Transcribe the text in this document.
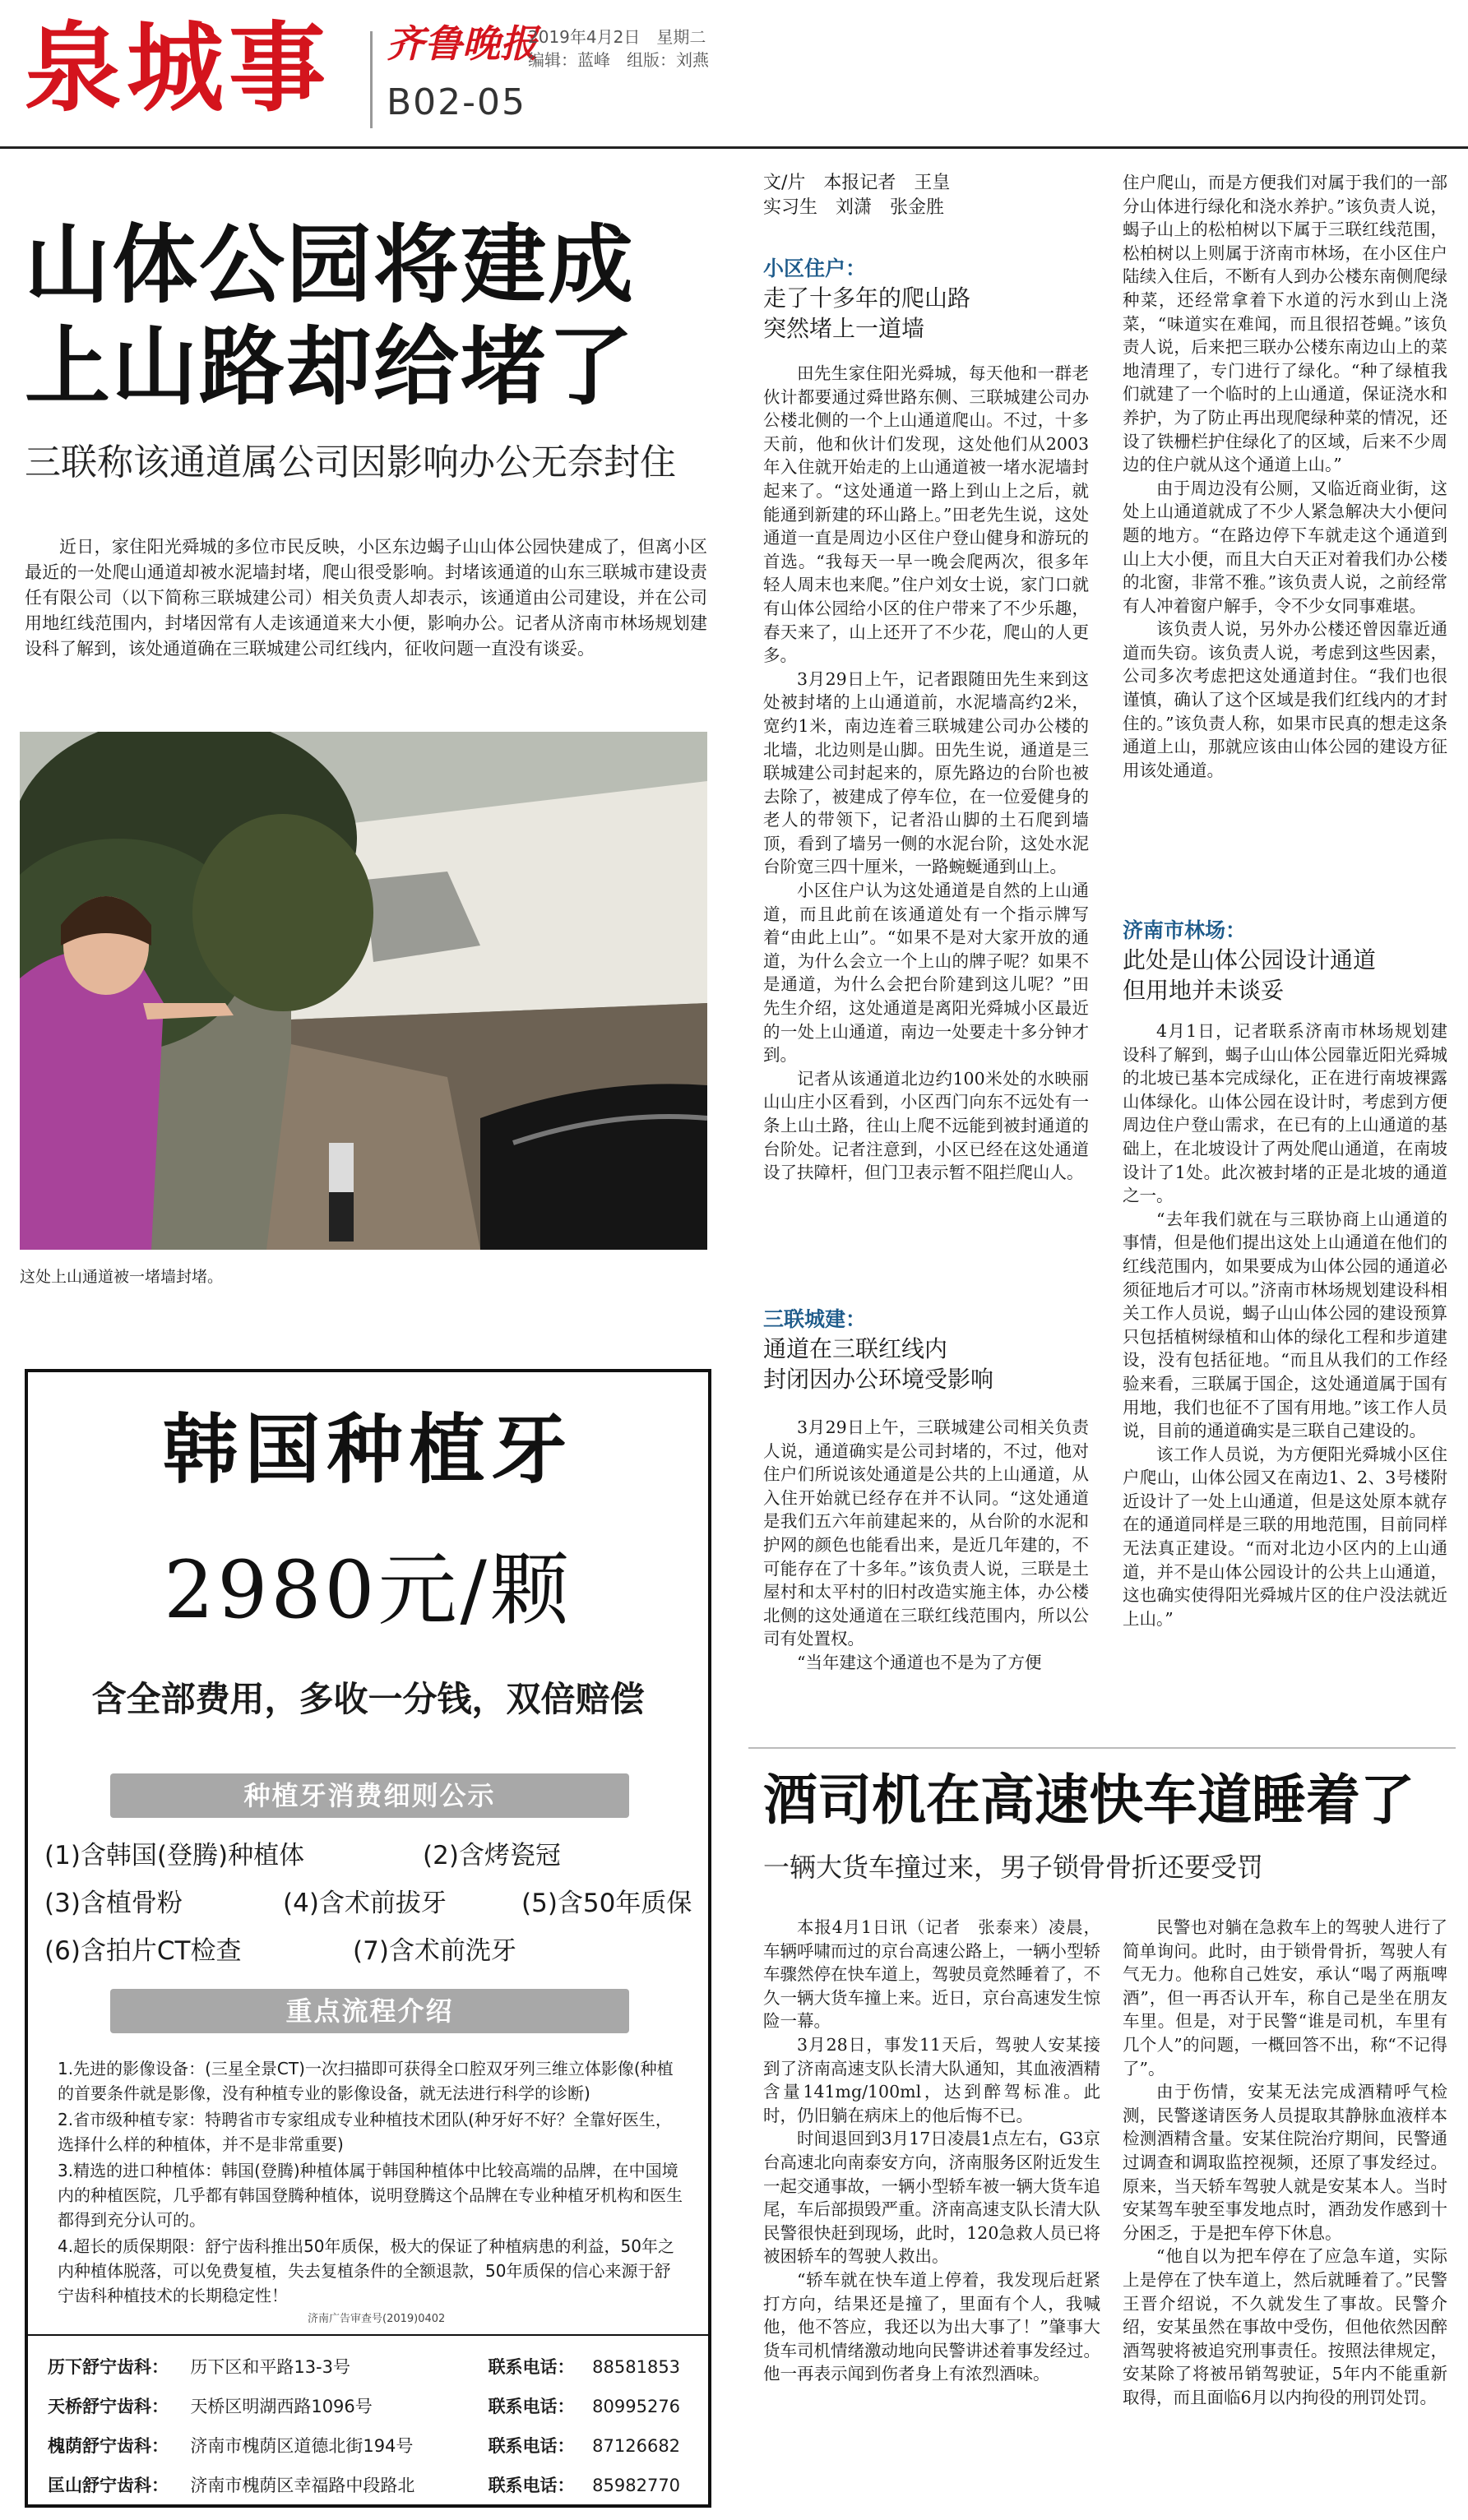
泉城事 齐鲁晚报
2019年4月2日　星期二
编辑：蓝峰　组版：刘燕
B02-05
山体公园将建成
上山路却给堵了
三联称该通道属公司因影响办公无奈封住

近日，家住阳光舜城的多位市民反映，小区东边蝎子山山体公园快建成了，但离小区最近的一处爬山通道却被水泥墙封堵，爬山很受影响。封堵该通道的山东三联城市建设责任有限公司（以下简称三联城建公司）相关负责人却表示，该通道由公司建设，并在公司用地红线范围内，封堵因常有人走该通道来大小便，影响办公。记者从济南市林场规划建设科了解到，该处通道确在三联城建公司红线内，征收问题一直没有谈妥。

这处上山通道被一堵墙封堵。
文/片　本报记者　王皇
实习生　刘潇　张金胜
小区住户：
走了十多年的爬山路
突然堵上一道墙

田先生家住阳光舜城，每天他和一群老伙计都要通过舜世路东侧、三联城建公司办公楼北侧的一个上山通道爬山。不过，十多天前，他和伙计们发现，这处他们从2003年入住就开始走的上山通道被一堵水泥墙封起来了。“这处通道一路上到山上之后，就能通到新建的环山路上。”田老先生说，这处通道一直是周边小区住户登山健身和游玩的首选。“我每天一早一晚会爬两次，很多年轻人周末也来爬。”住户刘女士说，家门口就有山体公园给小区的住户带来了不少乐趣，春天来了，山上还开了不少花，爬山的人更多。

3月29日上午，记者跟随田先生来到这处被封堵的上山通道前，水泥墙高约2米，宽约1米，南边连着三联城建公司办公楼的北墙，北边则是山脚。田先生说，通道是三联城建公司封起来的，原先路边的台阶也被去除了，被建成了停车位，在一位爱健身的老人的带领下，记者沿山脚的土石爬到墙顶，看到了墙另一侧的水泥台阶，这处水泥台阶宽三四十厘米，一路蜿蜒通到山上。

小区住户认为这处通道是自然的上山通道，而且此前在该通道处有一个指示牌写着“由此上山”。“如果不是对大家开放的通道，为什么会立一个上山的牌子呢？如果不是通道，为什么会把台阶建到这儿呢？”田先生介绍，这处通道是离阳光舜城小区最近的一处上山通道，南边一处要走十多分钟才到。

记者从该通道北边约100米处的水映丽山山庄小区看到，小区西门向东不远处有一条上山土路，往山上爬不远能到被封通道的台阶处。记者注意到，小区已经在这处通道设了扶障杆，但门卫表示暂不阻拦爬山人。

三联城建：
通道在三联红线内
封闭因办公环境受影响

3月29日上午，三联城建公司相关负责人说，通道确实是公司封堵的，不过，他对住户们所说该处通道是公共的上山通道，从入住开始就已经存在并不认同。“这处通道是我们五六年前建起来的，从台阶的水泥和护网的颜色也能看出来，是近几年建的，不可能存在了十多年。”该负责人说，三联是土屋村和太平村的旧村改造实施主体，办公楼北侧的这处通道在三联红线范围内，所以公司有处置权。

“当年建这个通道也不是为了方便

住户爬山，而是方便我们对属于我们的一部分山体进行绿化和浇水养护。”该负责人说，蝎子山上的松柏树以下属于三联红线范围，松柏树以上则属于济南市林场，在小区住户陆续入住后，不断有人到办公楼东南侧爬绿种菜，还经常拿着下水道的污水到山上浇菜，“味道实在难闻，而且很招苍蝇。”该负责人说，后来把三联办公楼东南边山上的菜地清理了，专门进行了绿化。“种了绿植我们就建了一个临时的上山通道，保证浇水和养护，为了防止再出现爬绿种菜的情况，还设了铁栅栏护住绿化了的区域，后来不少周边的住户就从这个通道上山。”

由于周边没有公厕，又临近商业街，这处上山通道就成了不少人紧急解决大小便问题的地方。“在路边停下车就走这个通道到山上大小便，而且大白天正对着我们办公楼的北窗，非常不雅。”该负责人说，之前经常有人冲着窗户解手，令不少女同事难堪。

该负责人说，另外办公楼还曾因靠近通道而失窃。该负责人说，考虑到这些因素，公司多次考虑把这处通道封住。“我们也很谨慎，确认了这个区域是我们红线内的才封住的。”该负责人称，如果市民真的想走这条通道上山，那就应该由山体公园的建设方征用该处通道。

济南市林场：
此处是山体公园设计通道
但用地并未谈妥

4月1日，记者联系济南市林场规划建设科了解到，蝎子山山体公园靠近阳光舜城的北坡已基本完成绿化，正在进行南坡裸露山体绿化。山体公园在设计时，考虑到方便周边住户登山需求，在已有的上山通道的基础上，在北坡设计了两处爬山通道，在南坡设计了1处。此次被封堵的正是北坡的通道之一。

“去年我们就在与三联协商上山通道的事情，但是他们提出这处上山通道在他们的红线范围内，如果要成为山体公园的通道必须征地后才可以。”济南市林场规划建设科相关工作人员说，蝎子山山体公园的建设预算只包括植树绿植和山体的绿化工程和步道建设，没有包括征地。“而且从我们的工作经验来看，三联属于国企，这处通道属于国有用地，我们也征不了国有用地。”该工作人员说，目前的通道确实是三联自己建设的。

该工作人员说，为方便阳光舜城小区住户爬山，山体公园又在南边1、2、3号楼附近设计了一处上山通道，但是这处原本就存在的通道同样是三联的用地范围，目前同样无法真正建设。“而对北边小区内的上山通道，并不是山体公园设计的公共上山通道，这也确实使得阳光舜城片区的住户没法就近上山。”

酒司机在高速快车道睡着了
一辆大货车撞过来，男子锁骨骨折还要受罚

本报4月1日讯（记者　张泰来）凌晨，车辆呼啸而过的京台高速公路上，一辆小型轿车骤然停在快车道上，驾驶员竟然睡着了，不久一辆大货车撞上来。近日，京台高速发生惊险一幕。

3月28日，事发11天后，驾驶人安某接到了济南高速支队长清大队通知，其血液酒精含量141mg/100ml，达到醉驾标准。此时，仍旧躺在病床上的他后悔不已。

时间退回到3月17日凌晨1点左右，G3京台高速北向南泰安方向，济南服务区附近发生一起交通事故，一辆小型轿车被一辆大货车追尾，车后部损毁严重。济南高速支队长清大队民警很快赶到现场，此时，120急救人员已将被困轿车的驾驶人救出。

“轿车就在快车道上停着，我发现后赶紧打方向，结果还是撞了，里面有个人，我喊他，他不答应，我还以为出大事了！”肇事大货车司机情绪激动地向民警讲述着事发经过。他一再表示闻到伤者身上有浓烈酒味。

民警也对躺在急救车上的驾驶人进行了简单询问。此时，由于锁骨骨折，驾驶人有气无力。他称自己姓安，承认“喝了两瓶啤酒”，但一再否认开车，称自己是坐在朋友车里。但是，对于民警“谁是司机，车里有几个人”的问题，一概回答不出，称“不记得了”。

由于伤情，安某无法完成酒精呼气检测，民警遂请医务人员提取其静脉血液样本检测酒精含量。安某住院治疗期间，民警通过调查和调取监控视频，还原了事发经过。原来，当天轿车驾驶人就是安某本人。当时安某驾车驶至事发地点时，酒劲发作感到十分困乏，于是把车停下休息。

“他自以为把车停在了应急车道，实际上是停在了快车道上，然后就睡着了。”民警王晋介绍说，不久就发生了事故。民警介绍，安某虽然在事故中受伤，但他依然因醉酒驾驶将被追究刑事责任。按照法律规定，安某除了将被吊销驾驶证，5年内不能重新取得，而且面临6月以内拘役的刑罚处罚。

韩国种植牙
2980元/颗
含全部费用，多收一分钱，双倍赔偿
种植牙消费细则公示
(1)含韩国(登腾)种植体	(2)含烤瓷冠
(3)含植骨粉	(4)含术前拔牙	(5)含50年质保
(6)含拍片CT检查	(7)含术前洗牙
重点流程介绍

1.先进的影像设备：(三星全景CT)一次扫描即可获得全口腔双牙列三维立体影像(种植的首要条件就是影像，没有种植专业的影像设备，就无法进行科学的诊断)

2.省市级种植专家：特聘省市专家组成专业种植技术团队(种牙好不好？全靠好医生，选择什么样的种植体，并不是非常重要)

3.精选的进口种植体：韩国(登腾)种植体属于韩国种植体中比较高端的品牌，在中国境内的种植医院，几乎都有韩国登腾种植体，说明登腾这个品牌在专业种植牙机构和医生都得到充分认可的。

4.超长的质保期限：舒宁齿科推出50年质保，极大的保证了种植病患的利益，50年之内种植体脱落，可以免费复植，失去复植条件的全额退款，50年质保的信心来源于舒宁齿科种植技术的长期稳定性！

济南广告审查号(2019)0402
历下舒宁齿科：	历下区和平路13-3号	联系电话：	88581853
天桥舒宁齿科：	天桥区明湖西路1096号	联系电话：	80995276
槐荫舒宁齿科：	济南市槐荫区道德北街194号	联系电话：	87126682
匡山舒宁齿科：	济南市槐荫区幸福路中段路北	联系电话：	85982770
